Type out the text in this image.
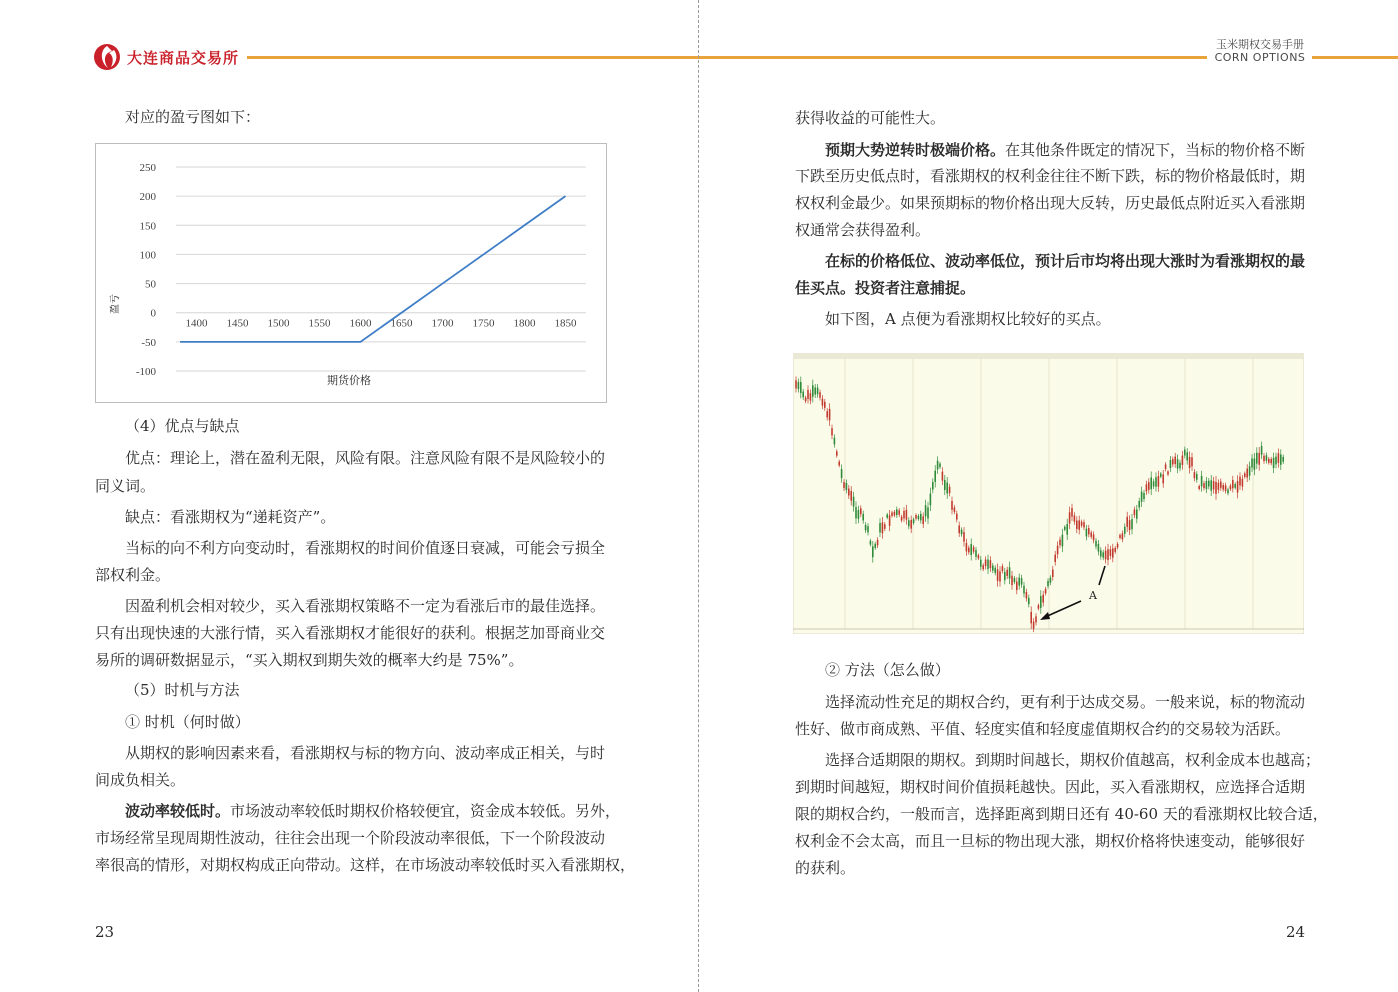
大连商品交易所
玉米期权交易手册
CORN OPTIONS
对应的盈亏图如下：
250
200
150
100
50
0
-50
-100
1400 1450 1500 1550 1600 1650 1700 1750 1800 1850
期货价格
盈亏
（4）优点与缺点
优点：理论上，潜在盈利无限，风险有限。注意风险有限不是风险较小的
同义词。
缺点：看涨期权为“递耗资产”。
当标的向不利方向变动时，看涨期权的时间价值逐日衰减，可能会亏损全
部权利金。
因盈利机会相对较少，买入看涨期权策略不一定为看涨后市的最佳选择。
只有出现快速的大涨行情，买入看涨期权才能很好的获利。根据芝加哥商业交
易所的调研数据显示，“买入期权到期失效的概率大约是 75%”。
（5）时机与方法
① 时机（何时做）
从期权的影响因素来看，看涨期权与标的物方向、波动率成正相关，与时
间成负相关。
波动率较低时。市场波动率较低时期权价格较便宜，资金成本较低。另外，
市场经常呈现周期性波动，往往会出现一个阶段波动率很低，下一个阶段波动
率很高的情形，对期权构成正向带动。这样，在市场波动率较低时买入看涨期权，
23
获得收益的可能性大。
预期大势逆转时极端价格。在其他条件既定的情况下，当标的物价格不断
下跌至历史低点时，看涨期权的权利金往往不断下跌，标的物价格最低时，期
权权利金最少。如果预期标的物价格出现大反转，历史最低点附近买入看涨期
权通常会获得盈利。
在标的价格低位、波动率低位，预计后市均将出现大涨时为看涨期权的最
佳买点。投资者注意捕捉。
如下图，A 点便为看涨期权比较好的买点。
A
② 方法（怎么做）
选择流动性充足的期权合约，更有利于达成交易。一般来说，标的物流动
性好、做市商成熟、平值、轻度实值和轻度虚值期权合约的交易较为活跃。
选择合适期限的期权。到期时间越长，期权价值越高，权利金成本也越高；
到期时间越短，期权时间价值损耗越快。因此，买入看涨期权，应选择合适期
限的期权合约，一般而言，选择距离到期日还有 40-60 天的看涨期权比较合适，
权利金不会太高，而且一旦标的物出现大涨，期权价格将快速变动，能够很好
的获利。
24
